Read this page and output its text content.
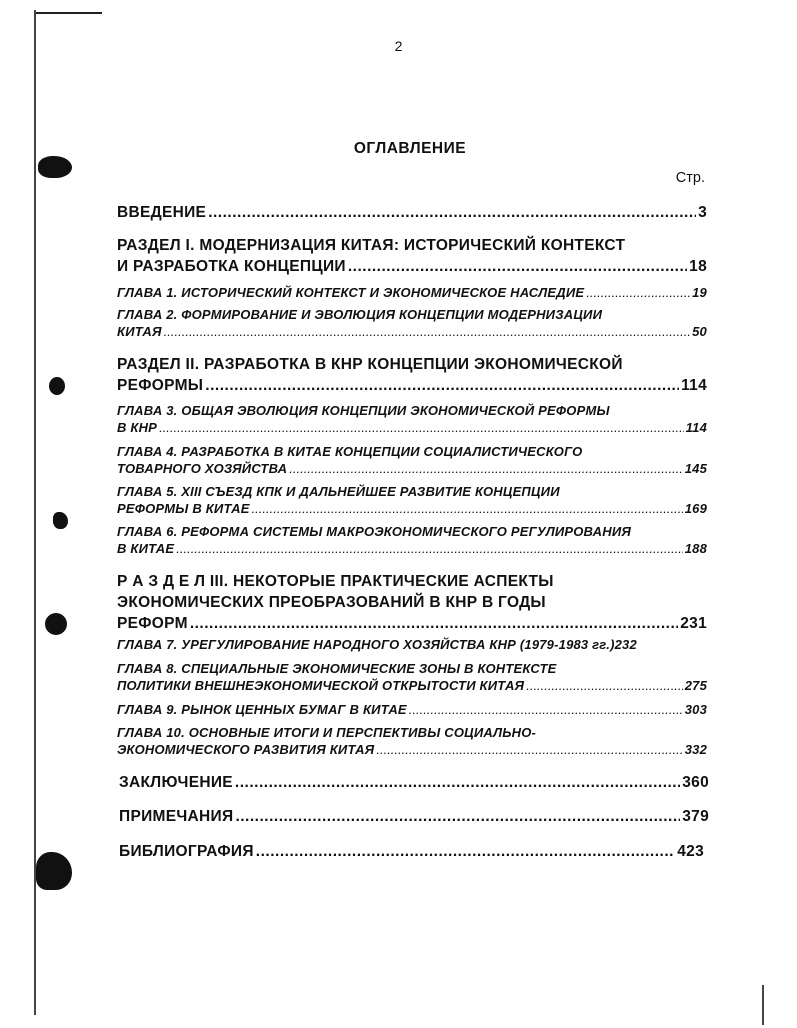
2
ОГЛАВЛЕНИЕ
Стр.
ВВЕДЕНИЕ .....	3
РАЗДЕЛ I. МОДЕРНИЗАЦИЯ КИТАЯ: ИСТОРИЧЕСКИЙ КОНТЕКСТ
И РАЗРАБОТКА КОНЦЕПЦИИ .....	18
ГЛАВА 1. ИСТОРИЧЕСКИЙ КОНТЕКСТ И ЭКОНОМИЧЕСКОЕ НАСЛЕДИЕ .....	19
ГЛАВА 2. ФОРМИРОВАНИЕ И ЭВОЛЮЦИЯ КОНЦЕПЦИИ МОДЕРНИЗАЦИИ
КИТАЯ .....	50
РАЗДЕЛ II. РАЗРАБОТКА В КНР КОНЦЕПЦИИ ЭКОНОМИЧЕСКОЙ
РЕФОРМЫ .....	114
ГЛАВА 3. ОБЩАЯ ЭВОЛЮЦИЯ КОНЦЕПЦИИ ЭКОНОМИЧЕСКОЙ РЕФОРМЫ
В КНР .....	114
ГЛАВА 4. РАЗРАБОТКА В КИТАЕ КОНЦЕПЦИИ СОЦИАЛИСТИЧЕСКОГО
ТОВАРНОГО ХОЗЯЙСТВА .....	145
ГЛАВА 5. XIII СЪЕЗД КПК И ДАЛЬНЕЙШЕЕ РАЗВИТИЕ КОНЦЕПЦИИ
РЕФОРМЫ В КИТАЕ .....	169
ГЛАВА 6. РЕФОРМА СИСТЕМЫ МАКРОЭКОНОМИЧЕСКОГО РЕГУЛИРОВАНИЯ
В КИТАЕ .....	188
Р А З Д Е Л III. НЕКОТОРЫЕ ПРАКТИЧЕСКИЕ АСПЕКТЫ
ЭКОНОМИЧЕСКИХ ПРЕОБРАЗОВАНИЙ В КНР В ГОДЫ
РЕФОРМ .....	231
ГЛАВА 7. УРЕГУЛИРОВАНИЕ НАРОДНОГО ХОЗЯЙСТВА КНР (1979-1983 гг.) 232
ГЛАВА 8. СПЕЦИАЛЬНЫЕ ЭКОНОМИЧЕСКИЕ ЗОНЫ В КОНТЕКСТЕ
ПОЛИТИКИ ВНЕШНЕЭКОНОМИЧЕСКОЙ ОТКРЫТОСТИ КИТАЯ .....	275
ГЛАВА 9. РЫНОК ЦЕННЫХ БУМАГ В КИТАЕ .....	303
ГЛАВА 10. ОСНОВНЫЕ ИТОГИ И ПЕРСПЕКТИВЫ СОЦИАЛЬНО-
ЭКОНОМИЧЕСКОГО РАЗВИТИЯ КИТАЯ .....	332
ЗАКЛЮЧЕНИЕ .....	360
ПРИМЕЧАНИЯ .....	379
БИБЛИОГРАФИЯ .....	423
